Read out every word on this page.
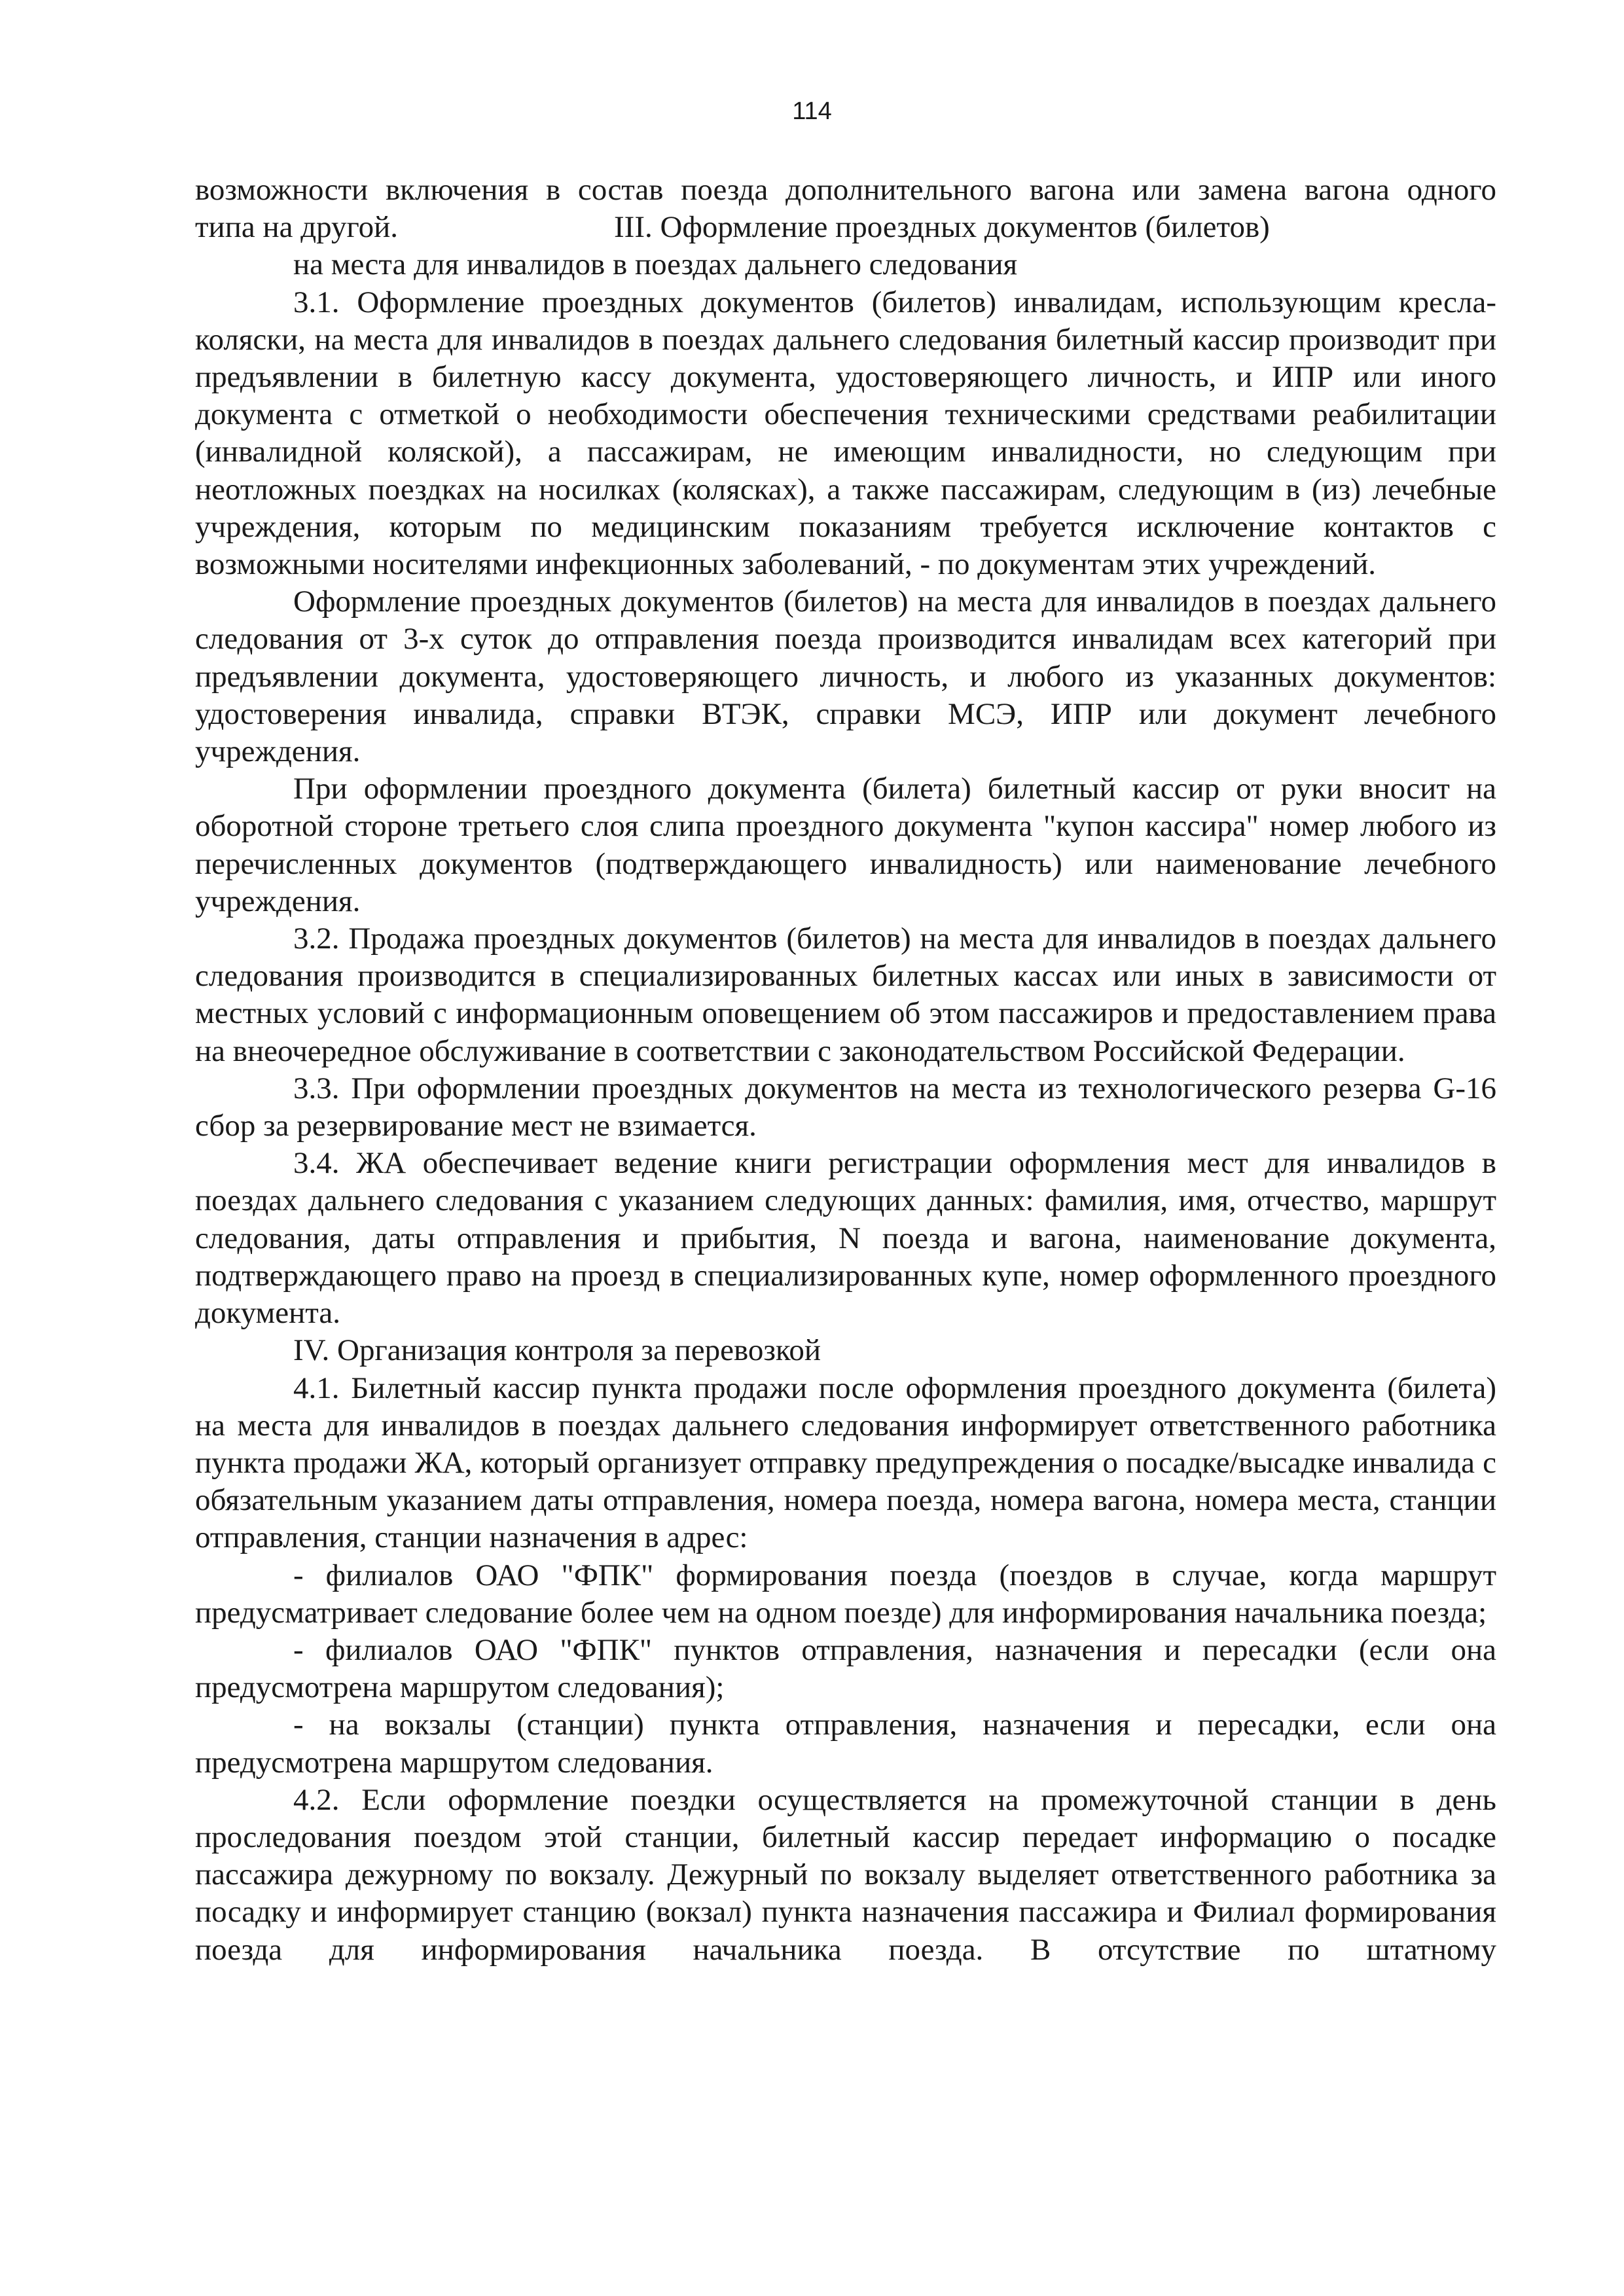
114

возможности включения в состав поезда дополнительного вагона или замена вагона одного

типа на другой.	III. Оформление проездных документов (билетов)

на места для инвалидов в поездах дальнего следования

3.1. Оформление проездных документов (билетов) инвалидам, использующим кресла-коляски, на места для инвалидов в поездах дальнего следования билетный кассир производит при предъявлении в билетную кассу документа, удостоверяющего личность, и ИПР или иного документа с отметкой о необходимости обеспечения техническими средствами реабилитации (инвалидной коляской), а пассажирам, не имеющим инвалидности, но следующим при неотложных поездках на носилках (колясках), а также пассажирам, следующим в (из) лечебные учреждения, которым по медицинским показаниям требуется исключение контактов с возможными носителями инфекционных заболеваний, - по документам этих учреждений.

Оформление проездных документов (билетов) на места для инвалидов в поездах дальнего следования от 3-х суток до отправления поезда производится инвалидам всех категорий при предъявлении документа, удостоверяющего личность, и любого из указанных документов: удостоверения инвалида, справки ВТЭК, справки МСЭ, ИПР или документ лечебного учреждения.

При оформлении проездного документа (билета) билетный кассир от руки вносит на оборотной стороне третьего слоя слипа проездного документа "купон кассира" номер любого из перечисленных документов (подтверждающего инвалидность) или наименование лечебного учреждения.

3.2. Продажа проездных документов (билетов) на места для инвалидов в поездах дальнего следования производится в специализированных билетных кассах или иных в зависимости от местных условий с информационным оповещением об этом пассажиров и предоставлением права на внеочередное обслуживание в соответствии с законодательством Российской Федерации.

3.3. При оформлении проездных документов на места из технологического резерва G-16 сбор за резервирование мест не взимается.

3.4. ЖА обеспечивает ведение книги регистрации оформления мест для инвалидов в поездах дальнего следования с указанием следующих данных: фамилия, имя, отчество, маршрут следования, даты отправления и прибытия, N поезда и вагона, наименование документа, подтверждающего право на проезд в специализированных купе, номер оформленного проездного документа.

IV. Организация контроля за перевозкой

4.1. Билетный кассир пункта продажи после оформления проездного документа (билета) на места для инвалидов в поездах дальнего следования информирует ответственного работника пункта продажи ЖА, который организует отправку предупреждения о посадке/высадке инвалида с обязательным указанием даты отправления, номера поезда, номера вагона, номера места, станции отправления, станции назначения в адрес:

- филиалов ОАО "ФПК" формирования поезда (поездов в случае, когда маршрут предусматривает следование более чем на одном поезде) для информирования начальника поезда;

- филиалов ОАО "ФПК" пунктов отправления, назначения и пересадки (если она предусмотрена маршрутом следования);

- на вокзалы (станции) пункта отправления, назначения и пересадки, если она предусмотрена маршрутом следования.

4.2. Если оформление поездки осуществляется на промежуточной станции в день проследования поездом этой станции, билетный кассир передает информацию о посадке пассажира дежурному по вокзалу. Дежурный по вокзалу выделяет ответственного работника за посадку и информирует станцию (вокзал) пункта назначения пассажира и Филиал формирования поезда для информирования начальника поезда. В отсутствие по штатному
